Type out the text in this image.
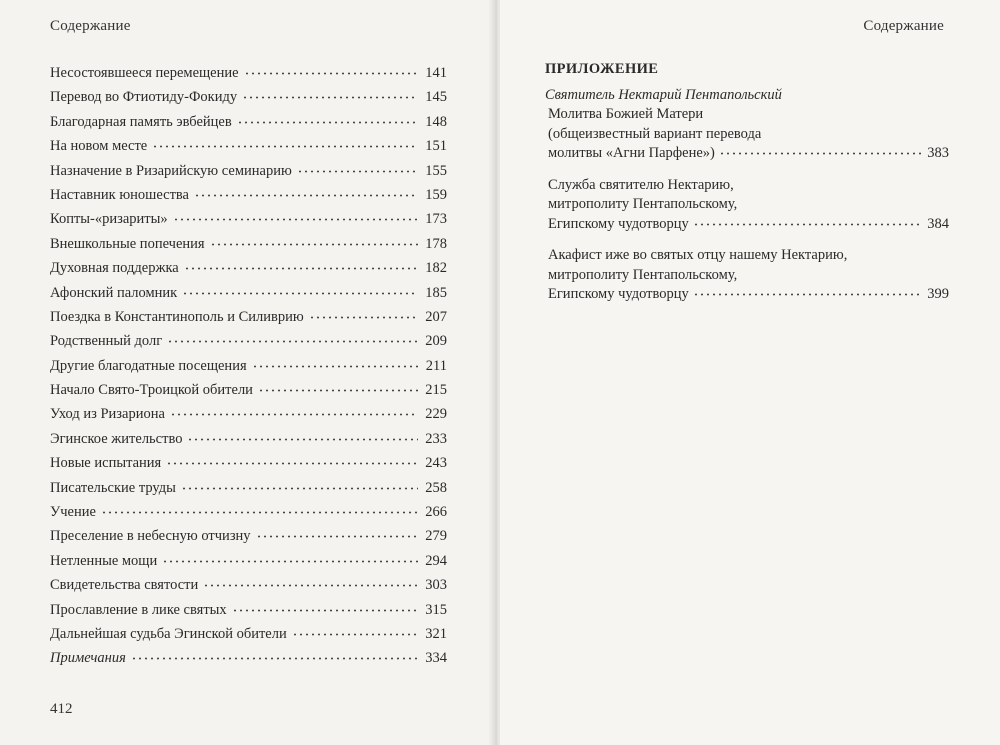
Содержание
Несостоявшееся перемещение	141
Перевод во Фтиотиду-Фокиду	145
Благодарная память эвбейцев	148
На новом месте	151
Назначение в Ризарийскую семинарию	155
Наставник юношества	159
Копты-«ризариты»	173
Внешкольные попечения	178
Духовная поддержка	182
Афонский паломник	185
Поездка в Константинополь и Силиврию	207
Родственный долг	209
Другие благодатные посещения	211
Начало Свято-Троицкой обители	215
Уход из Ризариона	229
Эгинское жительство	233
Новые испытания	243
Писательские труды	258
Учение	266
Преселение в небесную отчизну	279
Нетленные мощи	294
Свидетельства святости	303
Прославление в лике святых	315
Дальнейшая судьба Эгинской обители	321
Примечания	334
412
Содержание
ПРИЛОЖЕНИЕ
Святитель Нектарий Пентапольский
Молитва Божией Матери
(общеизвестный вариант перевода
молитвы «Агни Парфене»)	383
Служба святителю Нектарию,
митрополиту Пентапольскому,
Египскому чудотворцу	384
Акафист иже во святых отцу нашему Нектарию,
митрополиту Пентапольскому,
Египскому чудотворцу	399
